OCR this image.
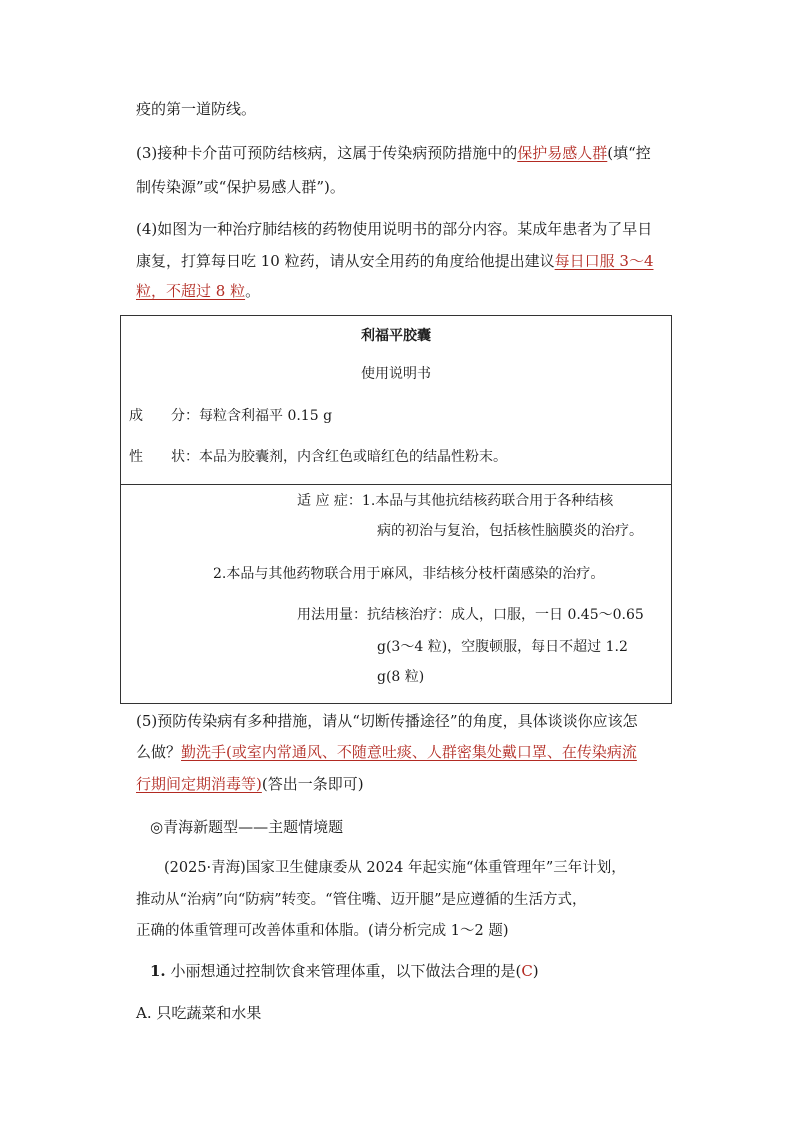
疫的第一道防线。
(3)接种卡介苗可预防结核病，这属于传染病预防措施中的保护易感人群(填“控
制传染源”或“保护易感人群”)。
(4)如图为一种治疗肺结核的药物使用说明书的部分内容。某成年患者为了早日
康复，打算每日吃 10 粒药，请从安全用药的角度给他提出建议每日口服 3～4
粒，不超过 8 粒。
利福平胶囊
使用说明书
成　　分：每粒含利福平 0.15 g
性　　状：本品为胶囊剂，内含红色或暗红色的结晶性粉末。
适 应 症：1.本品与其他抗结核药联合用于各种结核
病的初治与复治，包括核性脑膜炎的治疗。
2.本品与其他药物联合用于麻风，非结核分枝杆菌感染的治疗。
用法用量：抗结核治疗：成人，口服，一日 0.45～0.65
g(3～4 粒)，空腹顿服，每日不超过 1.2
g(8 粒)
(5)预防传染病有多种措施，请从“切断传播途径”的角度，具体谈谈你应该怎
么做？勤洗手(或室内常通风、不随意吐痰、人群密集处戴口罩、在传染病流
行期间定期消毒等)(答出一条即可)
◎青海新题型——主题情境题
(2025·青海)国家卫生健康委从 2024 年起实施“体重管理年”三年计划，
推动从“治病”向“防病”转变。“管住嘴、迈开腿”是应遵循的生活方式，
正确的体重管理可改善体重和体脂。(请分析完成 1～2 题)
1. 小丽想通过控制饮食来管理体重，以下做法合理的是(C)
A. 只吃蔬菜和水果
